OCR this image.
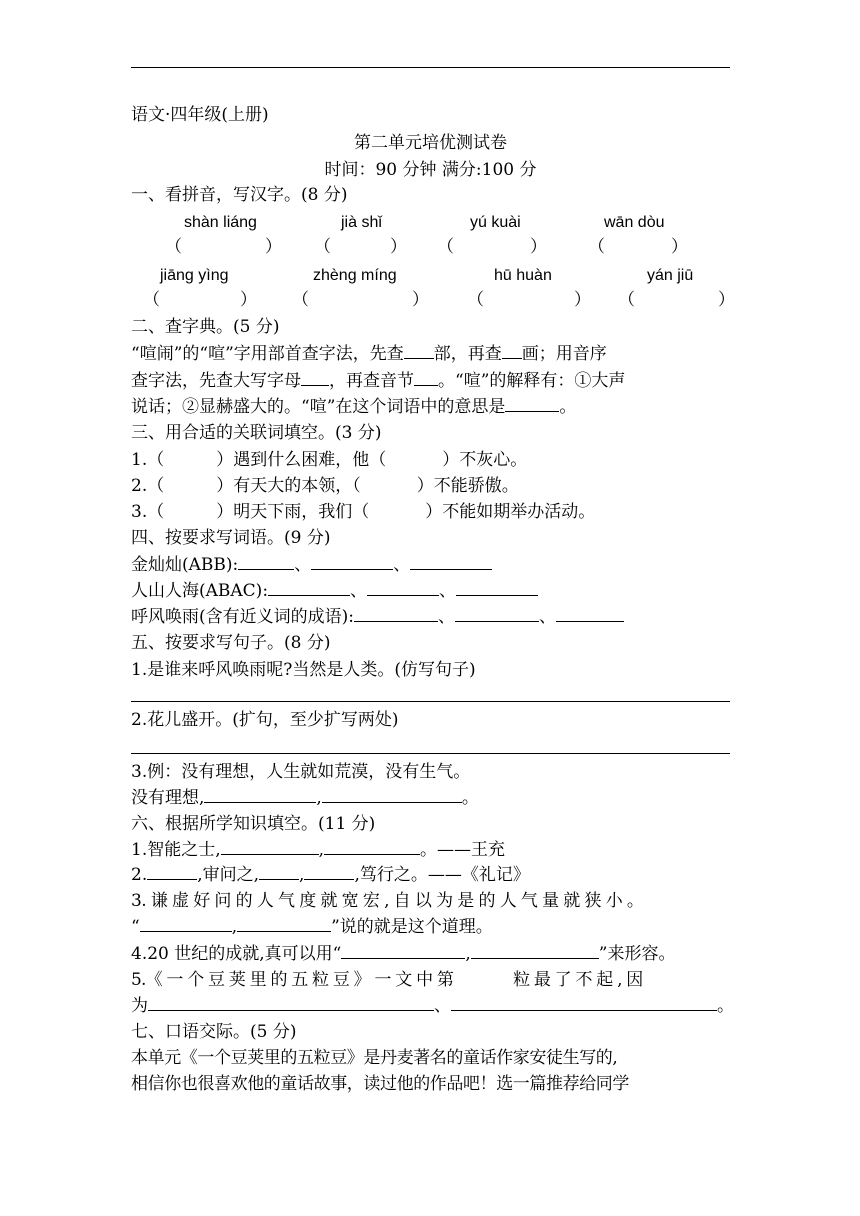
语文·四年级(上册)
第二单元培优测试卷
时间：90 分钟 满分:100 分
一、看拼音，写汉字。(8 分)
shàn liáng	jià shǐ	yú kuài	wān dòu
（	） （	） （	） （	）
jiāng yìng	zhèng míng	hū huàn	yán jiū
（	） （	） （	） （	）
二、查字典。(5 分)
“喧闹”的“喧”字用部首查字法，先查 部，再查 画；用音序
查字法，先查大写字母 ，再查音节 。“喧”的解释有：①大声
说话；②显赫盛大的。“喧”在这个词语中的意思是	。
三、用合适的关联词填空。(3 分)
1.（	）遇到什么困难，他（	）不灰心。
2.（	）有天大的本领，（	）不能骄傲。
3.（	）明天下雨，我们（	）不能如期举办活动。
四、按要求写词语。(9 分)
金灿灿(ABB):	、	、
人山人海(ABAC):	、	、
呼风唤雨(含有近义词的成语):	、	、
五、按要求写句子。(8 分)
1.是谁来呼风唤雨呢?当然是人类。(仿写句子)
2.花儿盛开。(扩句，至少扩写两处)
3.例：没有理想，人生就如荒漠，没有生气。
没有理想,	,	。
六、根据所学知识填空。(11 分)
1.智能之士,	,	。——王充
2.	,审问之, ,	,笃行之。——《礼记》
3. 谦 虚 好 问 的 人 气 度 就 宽 宏 , 自 以 为 是 的 人 气 量 就 狭 小 。
“	,	”说的就是这个道理。
4.20 世纪的成就,真可以用“	,	”来形容。
5.《 一 个 豆 荚 里 的 五 粒 豆 》 一 文 中 第	粒 最 了 不 起 , 因
为	、	。
七、口语交际。(5 分)
本单元《一个豆荚里的五粒豆》是丹麦著名的童话作家安徒生写的,
相信你也很喜欢他的童话故事，读过他的作品吧！选一篇推荐给同学
